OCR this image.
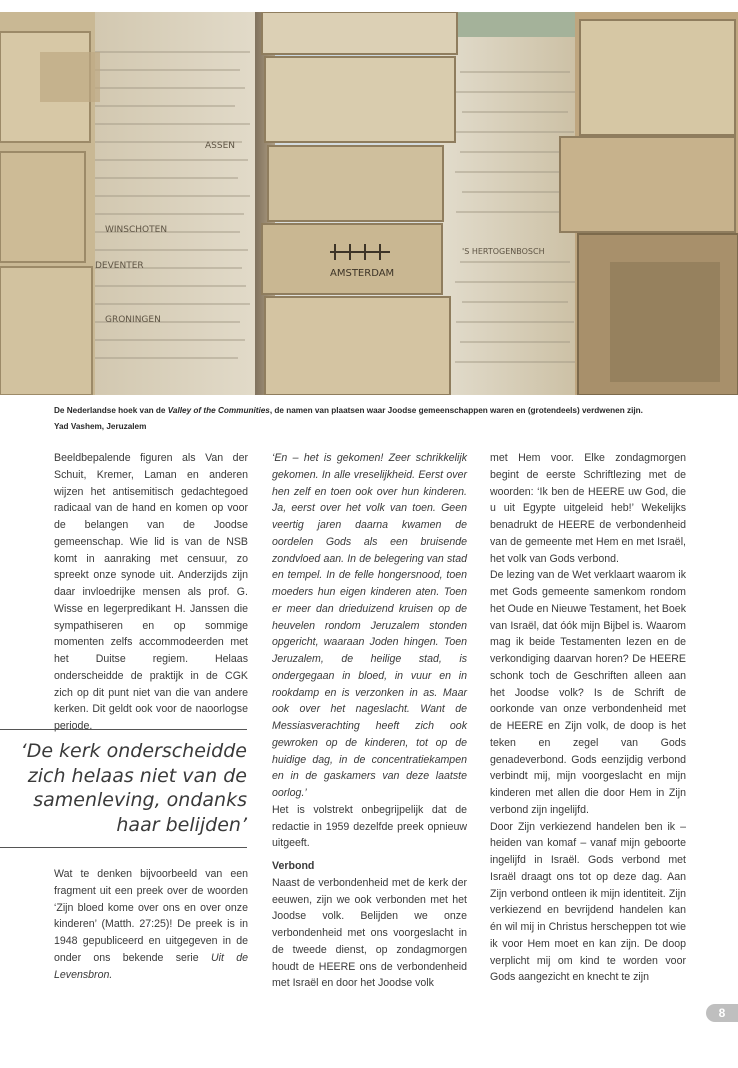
ASSEN
WINSCHOTEN
DEVENTER
AMSTERDAM
'S HERTOGENBOSCH
GRONINGEN
De Nederlandse hoek van de Valley of the Communities, de namen van plaatsen waar Joodse gemeenschappen waren en (grotendeels) verdwenen zijn.
Yad Vashem, Jeruzalem

Beeldbepalende figuren als Van der Schuit, Kremer, Laman en anderen wijzen het antisemitisch gedachtegoed radicaal van de hand en komen op voor de belangen van de Joodse gemeenschap. Wie lid is van de NSB komt in aanraking met censuur, zo spreekt onze synode uit. Anderzijds zijn daar invloedrijke mensen als prof. G. Wisse en legerpredikant H. Janssen die sympathiseren en op sommige momenten zelfs accommodeerden met het Duitse regiem. Helaas onderscheidde de praktijk in de CGK zich op dit punt niet van die van andere kerken. Dit geldt ook voor de naoorlogse periode.

‘De kerk onderscheidde zich helaas niet van de samenleving, ondanks haar belijden’

Wat te denken bijvoorbeeld van een fragment uit een preek over de woorden ‘Zijn bloed kome over ons en over onze kinderen’ (Matth. 27:25)! De preek is in 1948 gepubliceerd en uitgegeven in de onder ons bekende serie Uit de Levensbron.

‘En – het is gekomen! Zeer schrikkelijk gekomen. In alle vreselijkheid. Eerst over hen zelf en toen ook over hun kinderen. Ja, eerst over het volk van toen. Geen veertig jaren daarna kwamen de oordelen Gods als een bruisende zondvloed aan. In de belegering van stad en tempel. In de felle hongersnood, toen moeders hun eigen kinderen aten. Toen er meer dan drieduizend kruisen op de heuvelen rondom Jeruzalem stonden opgericht, waaraan Joden hingen. Toen Jeruzalem, de heilige stad, is ondergegaan in bloed, in vuur en in rookdamp en is verzonken in as. Maar ook over het nageslacht. Want de Messiasverachting heeft zich ook gewroken op de kinderen, tot op de huidige dag, in de concentratiekampen en in de gaskamers van deze laatste oorlog.’

Het is volstrekt onbegrijpelijk dat de redactie in 1959 dezelfde preek opnieuw uitgeeft.

Verbond

Naast de verbondenheid met de kerk der eeuwen, zijn we ook verbonden met het Joodse volk. Belijden we onze verbondenheid met ons voorgeslacht in de tweede dienst, op zondagmorgen houdt de HEERE ons de verbondenheid met Israël en door het Joodse volk

met Hem voor. Elke zondagmorgen begint de eerste Schriftlezing met de woorden: ‘Ik ben de HEERE uw God, die u uit Egypte uitgeleid heb!’ Wekelijks benadrukt de HEERE de verbondenheid van de gemeente met Hem en met Israël, het volk van Gods verbond.

De lezing van de Wet verklaart waarom ik met Gods gemeente samenkom rondom het Oude en Nieuwe Testament, het Boek van Israël, dat óók mijn Bijbel is. Waarom mag ik beide Testamenten lezen en de verkondiging daarvan horen? De HEERE schonk toch de Geschriften alleen aan het Joodse volk? Is de Schrift de oorkonde van onze verbondenheid met de HEERE en Zijn volk, de doop is het teken en zegel van Gods genadeverbond. Gods eenzijdig verbond verbindt mij, mijn voorgeslacht en mijn kinderen met allen die door Hem in Zijn verbond zijn ingelijfd.

Door Zijn verkiezend handelen ben ik – heiden van komaf – vanaf mijn geboorte ingelijfd in Israël. Gods verbond met Israël draagt ons tot op deze dag. Aan Zijn verbond ontleen ik mijn identiteit. Zijn verkiezend en bevrijdend handelen kan én wil mij in Christus herscheppen tot wie ik voor Hem moet en kan zijn. De doop verplicht mij om kind te worden voor Gods aangezicht en knecht te zijn

8
